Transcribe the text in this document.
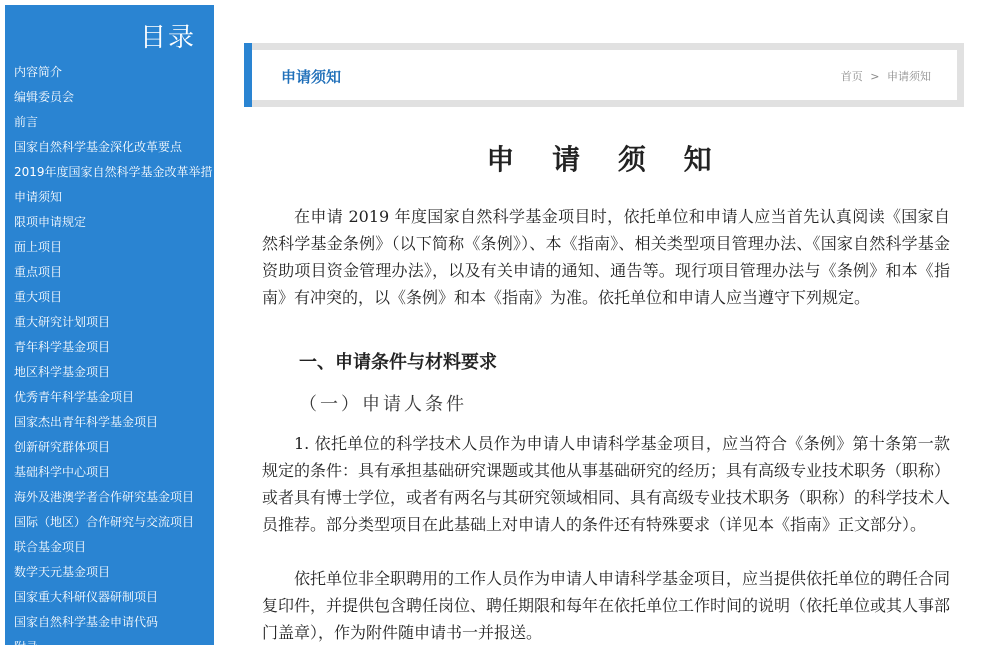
目录
内容简介
编辑委员会
前言
国家自然科学基金深化改革要点
2019年度国家自然科学基金改革举措
申请须知
限项申请规定
面上项目
重点项目
重大项目
重大研究计划项目
青年科学基金项目
地区科学基金项目
优秀青年科学基金项目
国家杰出青年科学基金项目
创新研究群体项目
基础科学中心项目
海外及港澳学者合作研究基金项目
国际（地区）合作研究与交流项目
联合基金项目
数学天元基金项目
国家重大科研仪器研制项目
国家自然科学基金申请代码
附录
申请须知	首页 > 申请须知
申 请 须 知

在申请 2019 年度国家自然科学基金项目时，依托单位和申请人应当首先认真阅读《国家自然科学基金条例》（以下简称《条例》）、本《指南》、相关类型项目管理办法、《国家自然科学基金资助项目资金管理办法》，以及有关申请的通知、通告等。现行项目管理办法与《条例》和本《指南》有冲突的，以《条例》和本《指南》为准。依托单位和申请人应当遵守下列规定。

一、申请条件与材料要求
（一）申请人条件

1. 依托单位的科学技术人员作为申请人申请科学基金项目，应当符合《条例》第十条第一款规定的条件：具有承担基础研究课题或其他从事基础研究的经历；具有高级专业技术职务（职称）或者具有博士学位，或者有两名与其研究领域相同、具有高级专业技术职务（职称）的科学技术人员推荐。部分类型项目在此基础上对申请人的条件还有特殊要求（详见本《指南》正文部分）。

依托单位非全职聘用的工作人员作为申请人申请科学基金项目，应当提供依托单位的聘任合同复印件，并提供包含聘任岗位、聘任期限和每年在依托单位工作时间的说明（依托单位或其人事部门盖章），作为附件随申请书一并报送。
